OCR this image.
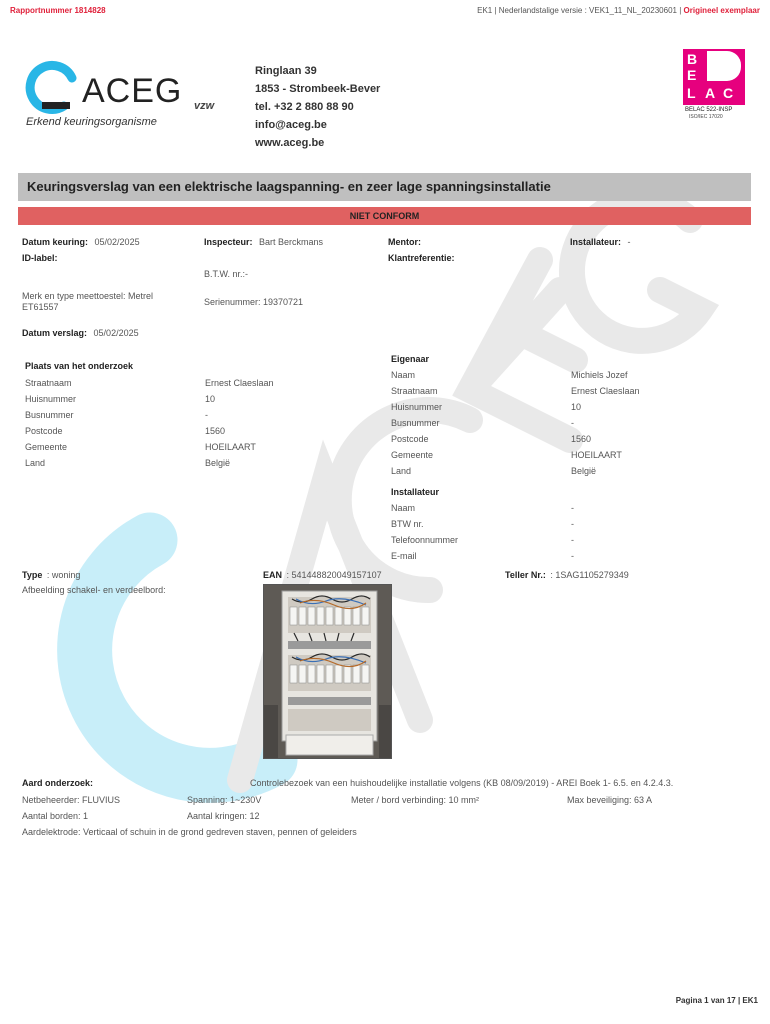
Rapportnummer 1814828	EK1 | Nederlandstalige versie : VEK1_11_NL_20230601 | Origineel exemplaar
ACEG vzw
Erkend keuringsorganisme
Ringlaan 39
1853 - Strombeek-Bever
tel. +32 2 880 88 90
info@aceg.be
www.aceg.be
B
E
L A C
BELAC 522-INSP
ISO/IEC 17020
Keuringsverslag van een elektrische laagspanning- en zeer lage spanningsinstallatie
NIET CONFORM
Datum keuring: 05/02/2025	Inspecteur: Bart Berckmans	Mentor:	Installateur: -
ID-label:	Klantreferentie:
B.T.W. nr.:-
Merk en type meettoestel: Metrel
ET61557	Serienummer: 19370721
Datum verslag: 05/02/2025
Plaats van het onderzoek
Straatnaam	Ernest Claeslaan
Huisnummer	10
Busnummer	-
Postcode	1560
Gemeente	HOEILAART
Land	België
Eigenaar
Naam	Michiels Jozef
Straatnaam	Ernest Claeslaan
Huisnummer	10
Busnummer	-
Postcode	1560
Gemeente	HOEILAART
Land	België
Installateur
Naam	-
BTW nr.	-
Telefoonnummer	-
E-mail	-
Type : woning	EAN : 541448820049157107	Teller Nr.: : 1SAG1105279349
Afbeelding schakel- en verdeelbord:
Aard onderzoek:	Controlebezoek van een huishoudelijke installatie volgens (KB 08/09/2019) - AREI Boek 1- 6.5. en 4.2.4.3.
Netbeheerder: FLUVIUS	Spanning: 1~230V	Meter / bord verbinding: 10 mm²	Max beveiliging: 63 A
Aantal borden: 1	Aantal kringen: 12
Aardelektrode: Verticaal of schuin in de grond gedreven staven, pennen of geleiders
Pagina 1 van 17 | EK1
